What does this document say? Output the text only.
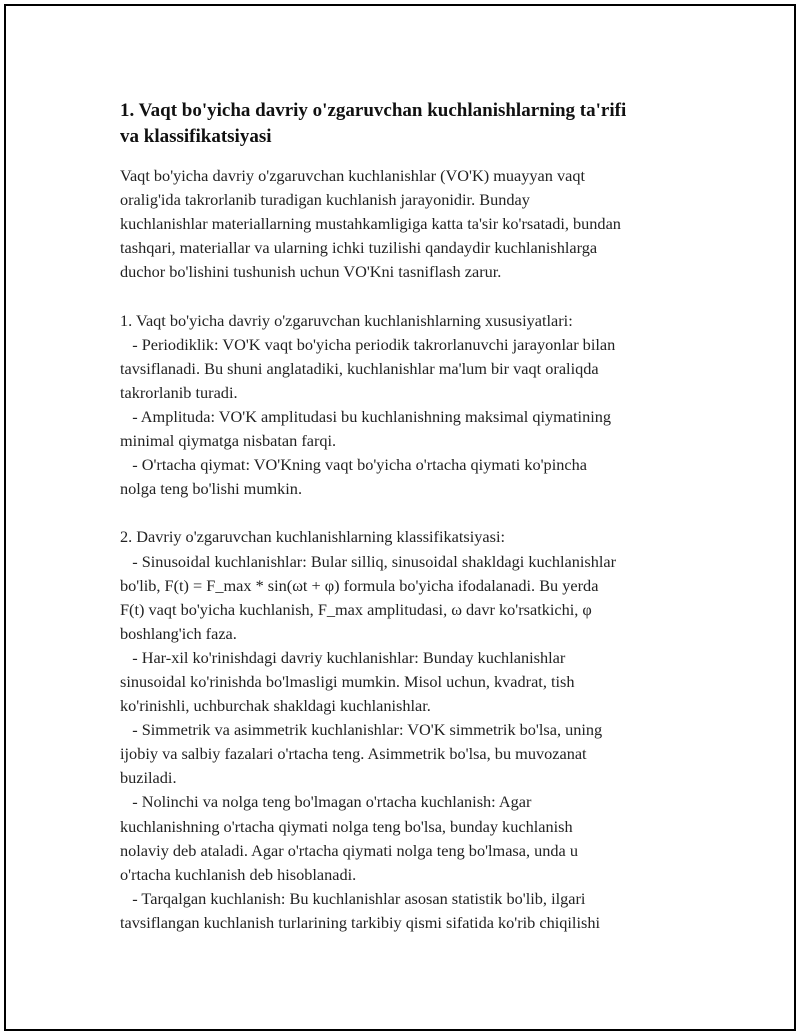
1. Vaqt bo'yicha davriy o'zgaruvchan kuchlanishlarning ta'rifi
va klassifikatsiyasi

Vaqt bo'yicha davriy o'zgaruvchan kuchlanishlar (VO'K) muayyan vaqt

oralig'ida takrorlanib turadigan kuchlanish jarayonidir. Bunday

kuchlanishlar materiallarning mustahkamligiga katta ta'sir ko'rsatadi, bundan

tashqari, materiallar va ularning ichki tuzilishi qandaydir kuchlanishlarga

duchor bo'lishini tushunish uchun VO'Kni tasniflash zarur.

1. Vaqt bo'yicha davriy o'zgaruvchan kuchlanishlarning xususiyatlari:

- Periodiklik: VO'K vaqt bo'yicha periodik takrorlanuvchi jarayonlar bilan

tavsiflanadi. Bu shuni anglatadiki, kuchlanishlar ma'lum bir vaqt oraliqda

takrorlanib turadi.

- Amplituda: VO'K amplitudasi bu kuchlanishning maksimal qiymatining

minimal qiymatga nisbatan farqi.

- O'rtacha qiymat: VO'Kning vaqt bo'yicha o'rtacha qiymati ko'pincha

nolga teng bo'lishi mumkin.

2. Davriy o'zgaruvchan kuchlanishlarning klassifikatsiyasi:

- Sinusoidal kuchlanishlar: Bular silliq, sinusoidal shakldagi kuchlanishlar

bo'lib, F(t) = F_max * sin(ωt + φ) formula bo'yicha ifodalanadi. Bu yerda

F(t) vaqt bo'yicha kuchlanish, F_max amplitudasi, ω davr ko'rsatkichi, φ

boshlang'ich faza.

- Har-xil ko'rinishdagi davriy kuchlanishlar: Bunday kuchlanishlar

sinusoidal ko'rinishda bo'lmasligi mumkin. Misol uchun, kvadrat, tish

ko'rinishli, uchburchak shakldagi kuchlanishlar.

- Simmetrik va asimmetrik kuchlanishlar: VO'K simmetrik bo'lsa, uning

ijobiy va salbiy fazalari o'rtacha teng. Asimmetrik bo'lsa, bu muvozanat

buziladi.

- Nolinchi va nolga teng bo'lmagan o'rtacha kuchlanish: Agar

kuchlanishning o'rtacha qiymati nolga teng bo'lsa, bunday kuchlanish

nolaviy deb ataladi. Agar o'rtacha qiymati nolga teng bo'lmasa, unda u

o'rtacha kuchlanish deb hisoblanadi.

- Tarqalgan kuchlanish: Bu kuchlanishlar asosan statistik bo'lib, ilgari

tavsiflangan kuchlanish turlarining tarkibiy qismi sifatida ko'rib chiqilishi
